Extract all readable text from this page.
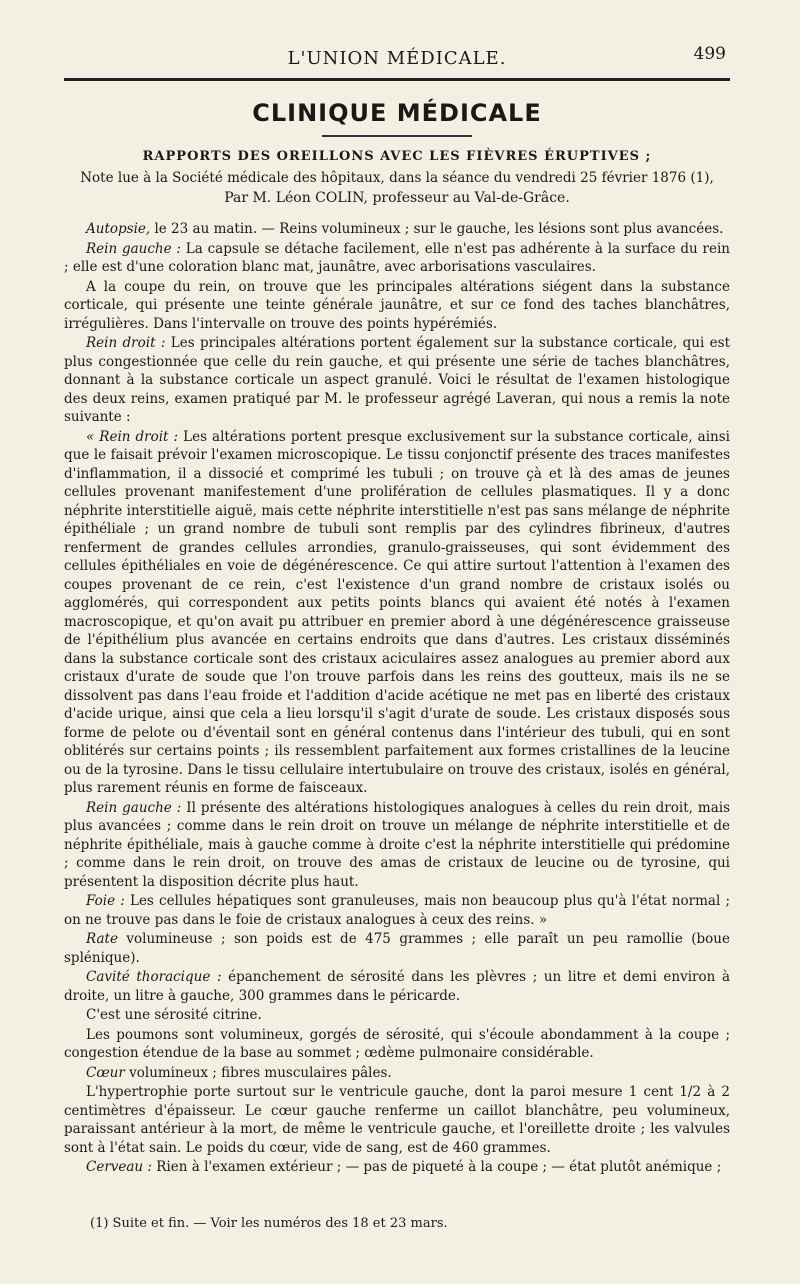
L'UNION MÉDICALE.	499
CLINIQUE MÉDICALE
RAPPORTS DES OREILLONS AVEC LES FIÈVRES ÉRUPTIVES ;
Note lue à la Société médicale des hôpitaux, dans la séance du vendredi 25 février 1876 (1),
Par M. Léon COLIN, professeur au Val-de-Grâce.

Autopsie, le 23 au matin. — Reins volumineux ; sur le gauche, les lésions sont plus avancées.

Rein gauche : La capsule se détache facilement, elle n'est pas adhérente à la surface du rein ; elle est d'une coloration blanc mat, jaunâtre, avec arborisations vasculaires.

A la coupe du rein, on trouve que les principales altérations siégent dans la substance corticale, qui présente une teinte générale jaunâtre, et sur ce fond des taches blanchâtres, irrégulières. Dans l'intervalle on trouve des points hypérémiés.

Rein droit : Les principales altérations portent également sur la substance corticale, qui est plus congestionnée que celle du rein gauche, et qui présente une série de taches blanchâtres, donnant à la substance corticale un aspect granulé. Voici le résultat de l'examen histologique des deux reins, examen pratiqué par M. le professeur agrégé Laveran, qui nous a remis la note suivante :

« Rein droit : Les altérations portent presque exclusivement sur la substance corticale, ainsi que le faisait prévoir l'examen microscopique. Le tissu conjonctif présente des traces manifestes d'inflammation, il a dissocié et comprimé les tubuli ; on trouve çà et là des amas de jeunes cellules provenant manifestement d'une prolifération de cellules plasmatiques. Il y a donc néphrite interstitielle aiguë, mais cette néphrite interstitielle n'est pas sans mélange de néphrite épithéliale ; un grand nombre de tubuli sont remplis par des cylindres fibrineux, d'autres renferment de grandes cellules arrondies, granulo-graisseuses, qui sont évidemment des cellules épithéliales en voie de dégénérescence. Ce qui attire surtout l'attention à l'examen des coupes provenant de ce rein, c'est l'existence d'un grand nombre de cristaux isolés ou agglomérés, qui correspondent aux petits points blancs qui avaient été notés à l'examen macroscopique, et qu'on avait pu attribuer en premier abord à une dégénérescence graisseuse de l'épithélium plus avancée en certains endroits que dans d'autres. Les cristaux disséminés dans la substance corticale sont des cristaux aciculaires assez analogues au premier abord aux cristaux d'urate de soude que l'on trouve parfois dans les reins des goutteux, mais ils ne se dissolvent pas dans l'eau froide et l'addition d'acide acétique ne met pas en liberté des cristaux d'acide urique, ainsi que cela a lieu lorsqu'il s'agit d'urate de soude. Les cristaux disposés sous forme de pelote ou d'éventail sont en général contenus dans l'intérieur des tubuli, qui en sont oblitérés sur certains points ; ils ressemblent parfaitement aux formes cristallines de la leucine ou de la tyrosine. Dans le tissu cellulaire intertubulaire on trouve des cristaux, isolés en général, plus rarement réunis en forme de faisceaux.

Rein gauche : Il présente des altérations histologiques analogues à celles du rein droit, mais plus avancées ; comme dans le rein droit on trouve un mélange de néphrite interstitielle et de néphrite épithéliale, mais à gauche comme à droite c'est la néphrite interstitielle qui prédomine ; comme dans le rein droit, on trouve des amas de cristaux de leucine ou de tyrosine, qui présentent la disposition décrite plus haut.

Foie : Les cellules hépatiques sont granuleuses, mais non beaucoup plus qu'à l'état normal ; on ne trouve pas dans le foie de cristaux analogues à ceux des reins. »

Rate volumineuse ; son poids est de 475 grammes ; elle paraît un peu ramollie (boue splénique).

Cavité thoracique : épanchement de sérosité dans les plèvres ; un litre et demi environ à droite, un litre à gauche, 300 grammes dans le péricarde.

C'est une sérosité citrine.

Les poumons sont volumineux, gorgés de sérosité, qui s'écoule abondamment à la coupe ; congestion étendue de la base au sommet ; œdème pulmonaire considérable.

Cœur volumineux ; fibres musculaires pâles.

L'hypertrophie porte surtout sur le ventricule gauche, dont la paroi mesure 1 cent 1/2 à 2 centimètres d'épaisseur. Le cœur gauche renferme un caillot blanchâtre, peu volumineux, paraissant antérieur à la mort, de même le ventricule gauche, et l'oreillette droite ; les valvules sont à l'état sain. Le poids du cœur, vide de sang, est de 460 grammes.

Cerveau : Rien à l'examen extérieur ; — pas de piqueté à la coupe ; — état plutôt anémique ;

(1) Suite et fin. — Voir les numéros des 18 et 23 mars.
